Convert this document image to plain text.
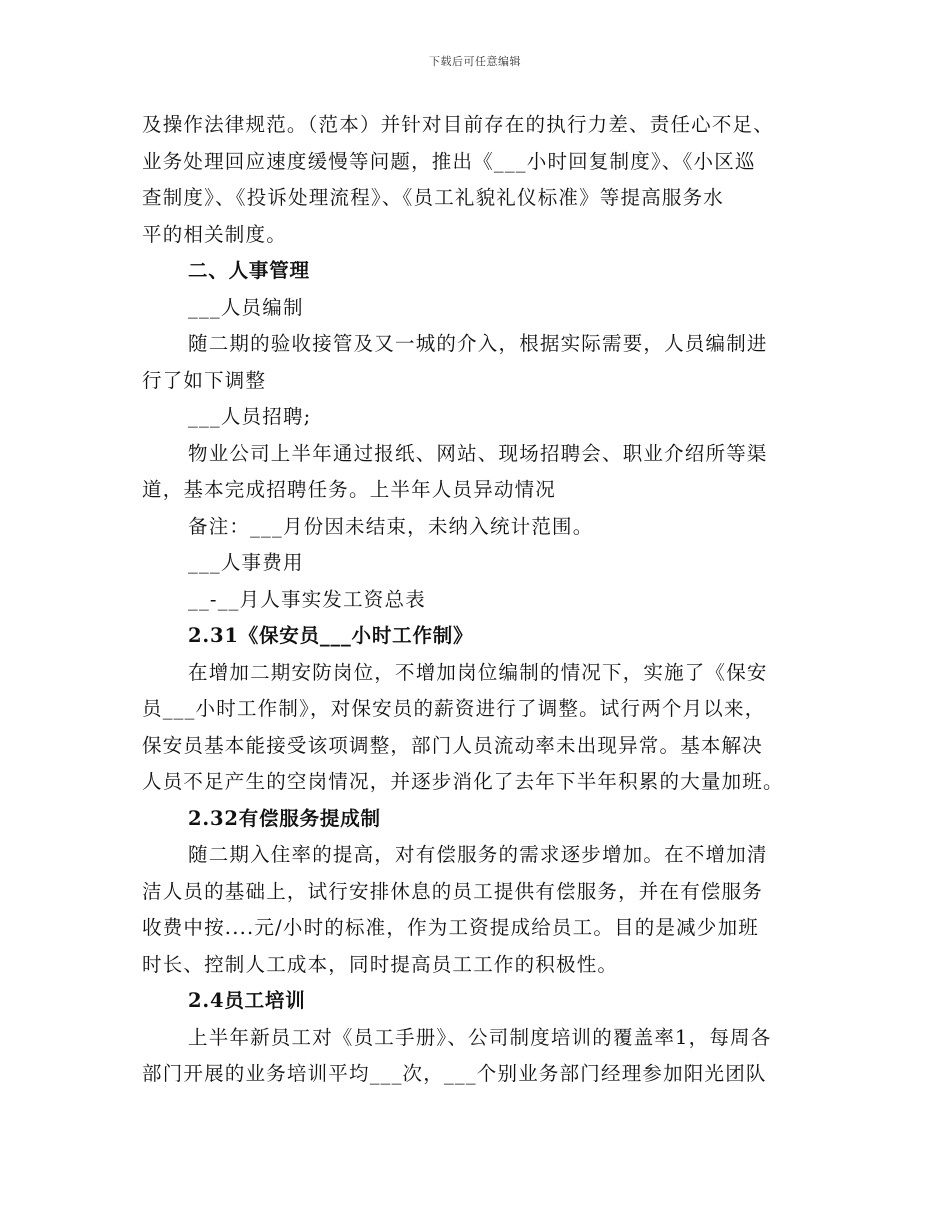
下载后可任意编辑
及操作法律规范。（范本）并针对目前存在的执行力差、责任心不足、
业务处理回应速度缓慢等问题，推出《___小时回复制度》、《小区巡
查制度》、《投诉处理流程》、《员工礼貌礼仪标准》等提高服务水
平的相关制度。
二、人事管理
___人员编制
随二期的验收接管及又一城的介入，根据实际需要，人员编制进
行了如下调整
___人员招聘;
物业公司上半年通过报纸、网站、现场招聘会、职业介绍所等渠
道，基本完成招聘任务。上半年人员异动情况
备注：___月份因未结束，未纳入统计范围。
___人事费用
__-__月人事实发工资总表
2.31《保安员___小时工作制》
在增加二期安防岗位，不增加岗位编制的情况下，实施了《保安
员___小时工作制》，对保安员的薪资进行了调整。试行两个月以来，
保安员基本能接受该项调整，部门人员流动率未出现异常。基本解决
人员不足产生的空岗情况，并逐步消化了去年下半年积累的大量加班。
2.32有偿服务提成制
随二期入住率的提高，对有偿服务的需求逐步增加。在不增加清
洁人员的基础上，试行安排休息的员工提供有偿服务，并在有偿服务
收费中按....元/小时的标准，作为工资提成给员工。目的是减少加班
时长、控制人工成本，同时提高员工工作的积极性。
2.4员工培训
上半年新员工对《员工手册》、公司制度培训的覆盖率1，每周各
部门开展的业务培训平均___次，___个别业务部门经理参加阳光团队
